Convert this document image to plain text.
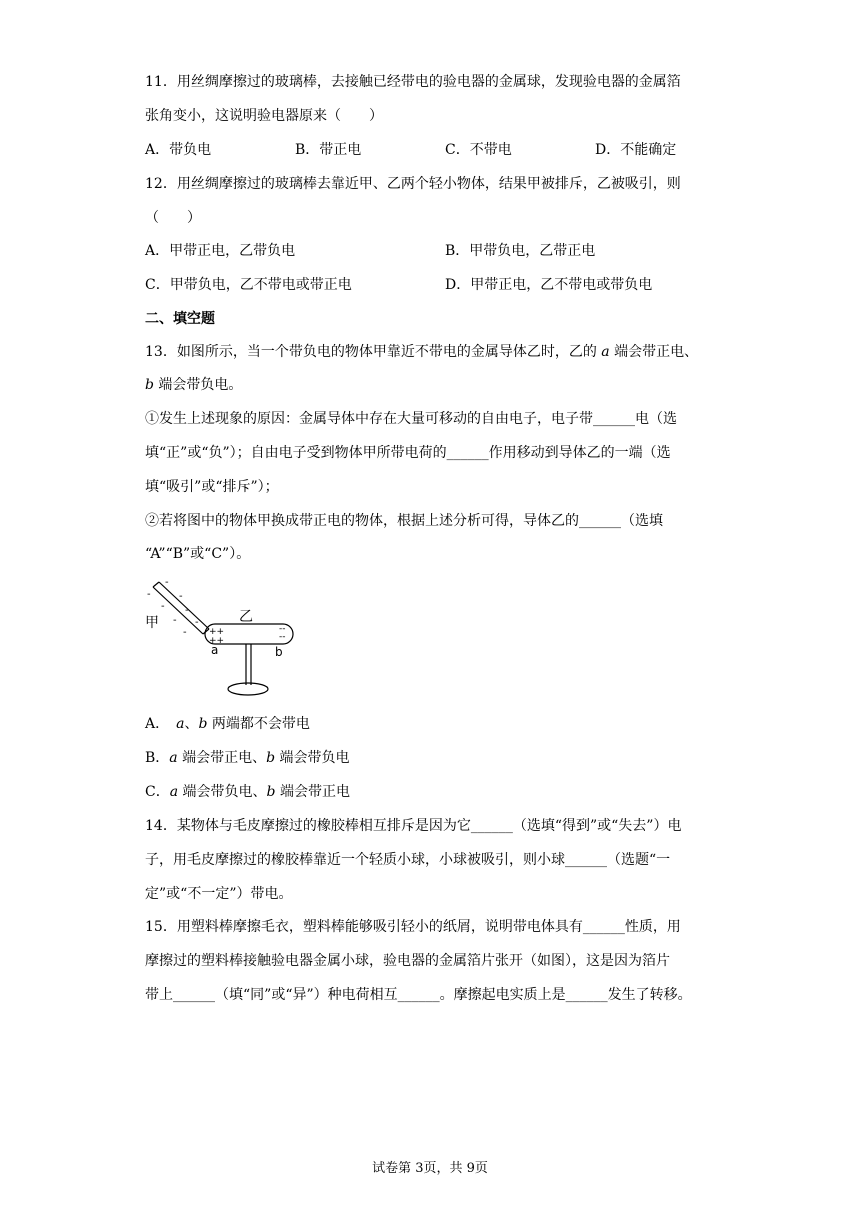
11．用丝绸摩擦过的玻璃棒，去接触已经带电的验电器的金属球，发现验电器的金属箔
张角变小，这说明验电器原来（　　）
A．带负电	B．带正电	C．不带电	D．不能确定
12．用丝绸摩擦过的玻璃棒去靠近甲、乙两个轻小物体，结果甲被排斥，乙被吸引，则
（　　）
A．甲带正电，乙带负电	B．甲带负电，乙带正电
C．甲带负电，乙不带电或带正电	D．甲带正电，乙不带电或带负电
二、填空题
13．如图所示，当一个带负电的物体甲靠近不带电的金属导体乙时，乙的 a 端会带正电、
b 端会带负电。
①发生上述现象的原因：金属导体中存在大量可移动的自由电子，电子带______电（选
填“正”或“负”）；自由电子受到物体甲所带电荷的______作用移动到导体乙的一端（选
填“吸引”或“排斥”）；
②若将图中的物体甲换成带正电的物体，根据上述分析可得，导体乙的______（选填
“A”“B”或“C”）。
-
-	-
- -
- -
-
甲	乙
++
++
--
--
a	b
A．　a、b 两端都不会带电
B．a 端会带正电、b 端会带负电
C．a 端会带负电、b 端会带正电
14．某物体与毛皮摩擦过的橡胶棒相互排斥是因为它______（选填“得到”或“失去”）电
子，用毛皮摩擦过的橡胶棒靠近一个轻质小球，小球被吸引，则小球______（选题“一
定”或“不一定”）带电。
15．用塑料棒摩擦毛衣，塑料棒能够吸引轻小的纸屑，说明带电体具有______性质，用
摩擦过的塑料棒接触验电器金属小球，验电器的金属箔片张开（如图），这是因为箔片
带上______（填“同”或“异”）种电荷相互______。摩擦起电实质上是______发生了转移。
试卷第 3页，共 9页
